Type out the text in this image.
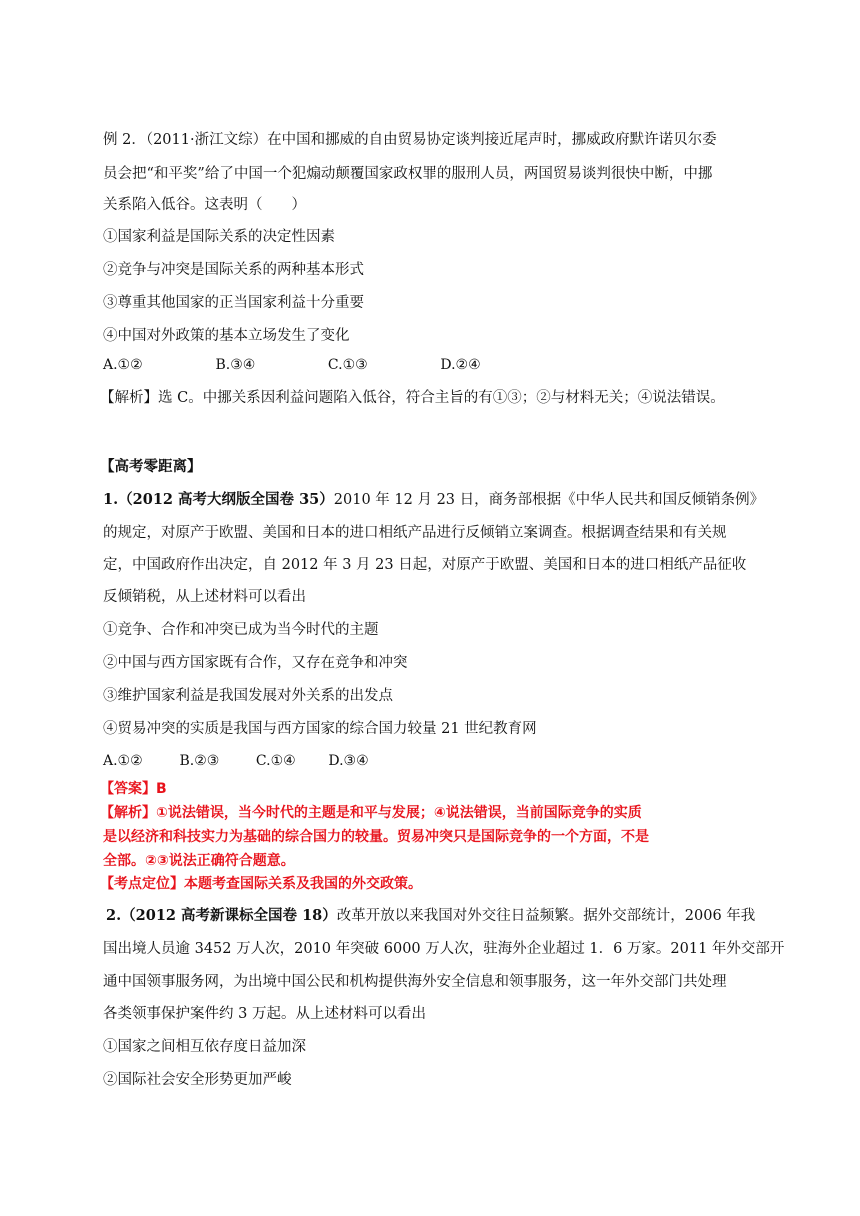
例 2．（2011·浙江文综）在中国和挪威的自由贸易协定谈判接近尾声时，挪威政府默许诺贝尔委
员会把“和平奖”给了中国一个犯煽动颠覆国家政权罪的服刑人员，两国贸易谈判很快中断，中挪
关系陷入低谷。这表明（　　）
①国家利益是国际关系的决定性因素
②竞争与冲突是国际关系的两种基本形式
③尊重其他国家的正当国家利益十分重要
④中国对外政策的基本立场发生了变化
A.①②	B.③④	C.①③	D.②④
【解析】选 C。中挪关系因利益问题陷入低谷，符合主旨的有①③；②与材料无关；④说法错误。
【高考零距离】
1.（2012 高考大纲版全国卷 35）2010 年 12 月 23 日，商务部根据《中华人民共和国反倾销条例》
的规定，对原产于欧盟、美国和日本的进口相纸产品进行反倾销立案调查。根据调查结果和有关规
定，中国政府作出决定，自 2012 年 3 月 23 日起，对原产于欧盟、美国和日本的进口相纸产品征收
反倾销税，从上述材料可以看出
①竞争、合作和冲突已成为当今时代的主题
②中国与西方国家既有合作，又存在竞争和冲突
③维护国家利益是我国发展对外关系的出发点
④贸易冲突的实质是我国与西方国家的综合国力较量 21 世纪教育网
A.①②	B.②③	C.①④ D.③④
【答案】B
【解析】①说法错误，当今时代的主题是和平与发展；④说法错误，当前国际竞争的实质
是以经济和科技实力为基础的综合国力的较量。贸易冲突只是国际竞争的一个方面，不是
全部。②③说法正确符合题意。
【考点定位】本题考查国际关系及我国的外交政策。
2.（2012 高考新课标全国卷 18）改革开放以来我国对外交往日益频繁。据外交部统计，2006 年我
国出境人员逾 3452 万人次，2010 年突破 6000 万人次，驻海外企业超过 1．6 万家。2011 年外交部开
通中国领事服务网，为出境中国公民和机构提供海外安全信息和领事服务，这一年外交部门共处理
各类领事保护案件约 3 万起。从上述材料可以看出
①国家之间相互依存度日益加深
②国际社会安全形势更加严峻
